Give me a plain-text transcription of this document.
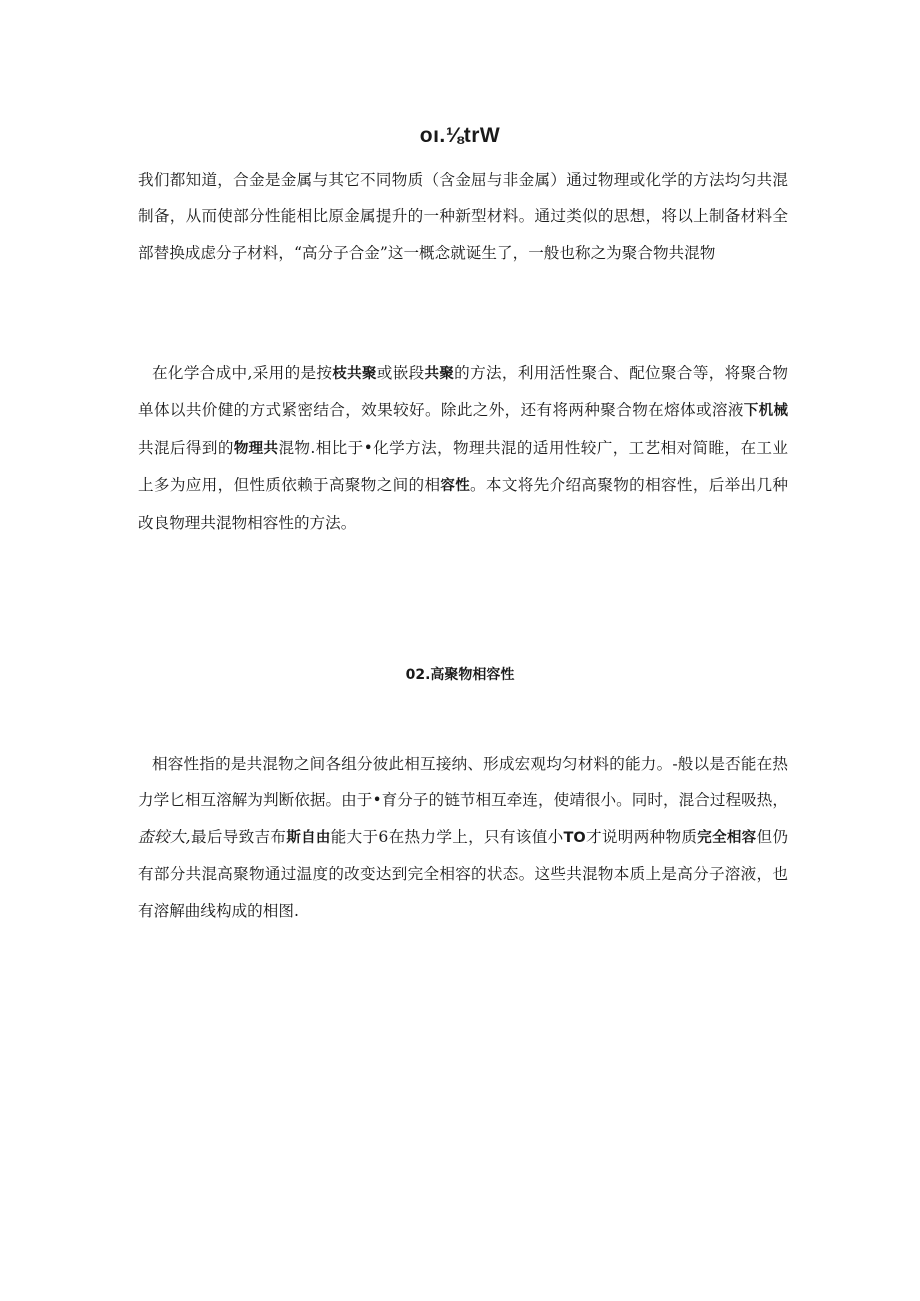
oı.⅛trW

我们都知道，合金是金属与其它不同物质（含金屈与非金属）通过物理或化学的方法均匀共混制备，从而使部分性能相比原金属提升的一种新型材料。通过类似的思想，将以上制备材料全部替换成虑分子材料，“高分子合金”这一概念就诞生了，一般也称之为聚合物共混物

在化学合成中,采用的是按枝共聚或嵌段共聚的方法，利用活性聚合、配位聚合等，将聚合物单体以共价健的方式紧密结合，效果较好。除此之外，还有将两种聚合物在熔体或溶液下机械共混后得到的物理共混物.相比于•化学方法，物理共混的适用性较广，工艺相对简睢，在工业上多为应用，但性质依赖于高聚物之间的相容性。本文将先介绍高聚物的相容性，后举出几种改良物理共混物相容性的方法。

02.高聚物相容性

相容性指的是共混物之间各组分彼此相互接纳、形成宏观均匀材料的能力。-般以是否能在热力学匕相互溶解为判断依据。由于•育分子的链节相互牵连，使靖很小。同时，混合过程吸热，㭗较大,最后导致吉布斯自由能大于6在热力学上，只有该值小TO才说明两种物质完全相容但仍有部分共混高聚物通过温度的改变达到完全相容的状态。这些共混物本质上是高分子溶液，也有溶解曲线构成的相图.
